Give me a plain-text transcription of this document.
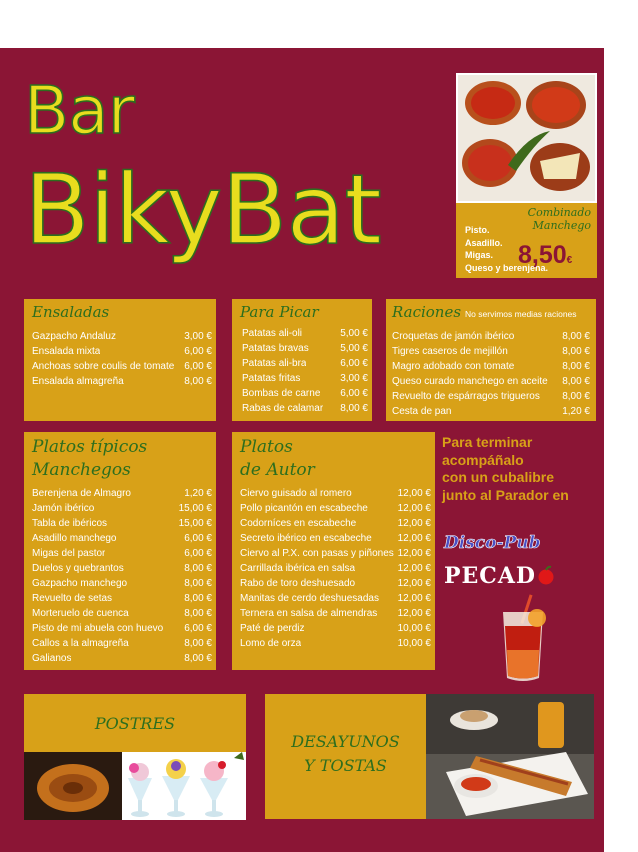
Bar
BikyBat	Combinado
Manchego
Pisto.
Asadillo.
Migas.
Queso y berenjena.
8,50€
Ensaladas
Gazpacho Andaluz	3,00 €
Ensalada mixta	6,00 €
Anchoas sobre coulis de tomate 6,00 €
Ensalada almagreña	8,00 €
Para Picar
Patatas ali-oli	5,00 €
Patatas bravas	5,00 €
Patatas ali-bra	6,00 €
Patatas fritas	3,00 €
Bombas de carne 6,00 €
Rabas de calamar 8,00 €
Raciones No servimos medias raciones
Croquetas de jamón ibérico	8,00 €
Tigres caseros de mejillón	8,00 €
Magro adobado con tomate	8,00 €
Queso curado manchego en aceite 8,00 €
Revuelto de espárragos trigueros 8,00 €
Cesta de pan	1,20 €
Platos típicos
Manchegos
Berenjena de Almagro	1,20 €
Jamón ibérico	15,00 €
Tabla de ibéricos	15,00 €
Asadillo manchego	6,00 €
Migas del pastor	6,00 €
Duelos y quebrantos	8,00 €
Gazpacho manchego	8,00 €
Revuelto de setas	8,00 €
Morteruelo de cuenca	8,00 €
Pisto de mi abuela con huevo 6,00 €
Callos a la almagreña	8,00 €
Galianos	8,00 €
Platos
de Autor
Ciervo guisado al romero	12,00 €
Pollo picantón en escabeche	12,00 €
Codorníces en escabeche	12,00 €
Secreto ibérico en escabeche	12,00 €
Ciervo al P.X. con pasas y piñones 12,00 €
Carrillada ibérica en salsa	12,00 €
Rabo de toro deshuesado	12,00 €
Manitas de cerdo deshuesadas 12,00 €
Ternera en salsa de almendras 12,00 €
Paté de perdiz	10,00 €
Lomo de orza	10,00 €
Para terminar
acompáñalo
con un cubalibre
junto al Parador en
Disco-Pub
PECAD
POSTRES
DESAYUNOS
Y TOSTAS
